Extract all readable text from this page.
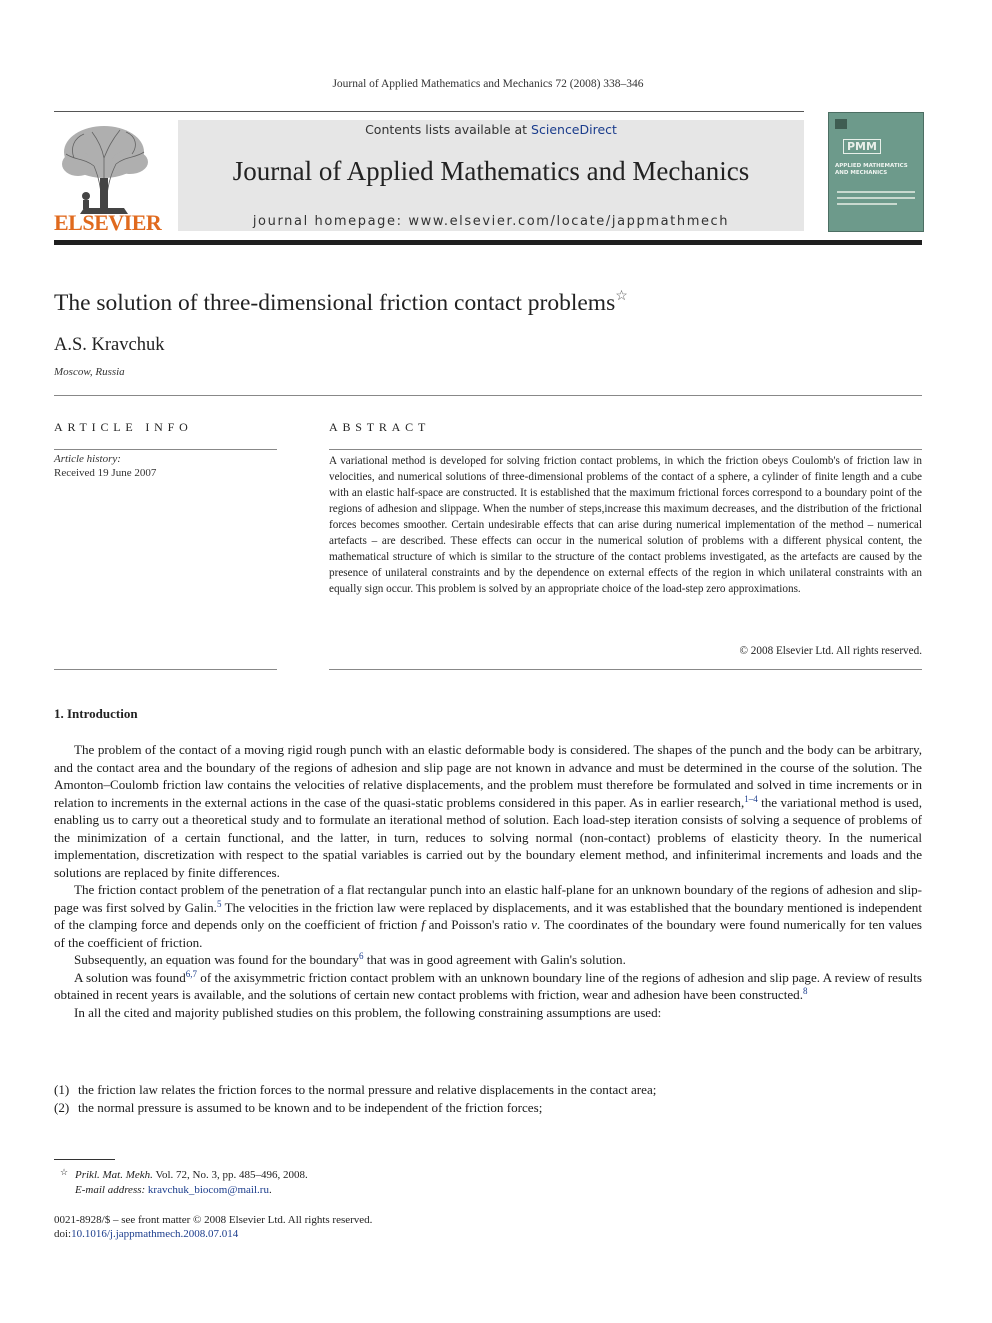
Journal of Applied Mathematics and Mechanics 72 (2008) 338–346
ELSEVIER
Contents lists available at ScienceDirect
Journal of Applied Mathematics and Mechanics
journal homepage: www.elsevier.com/locate/jappmathmech
PMM
APPLIED MATHEMATICS
AND MECHANICS
The solution of three-dimensional friction contact problems☆
A.S. Kravchuk
Moscow, Russia
ARTICLE INFO
Article history:
Received 19 June 2007
ABSTRACT
A variational method is developed for solving friction contact problems, in which the friction obeys Coulomb's of friction law in velocities, and numerical solutions of three-dimensional problems of the contact of a sphere, a cylinder of finite length and a cube with an elastic half-space are constructed. It is established that the maximum frictional forces correspond to a boundary point of the regions of adhesion and slippage. When the number of steps,increase this maximum decreases, and the distribution of the frictional forces becomes smoother. Certain undesirable effects that can arise during numerical implementation of the method – numerical artefacts – are described. These effects can occur in the numerical solution of problems with a different physical content, the mathematical structure of which is similar to the structure of the contact problems investigated, as the artefacts are caused by the presence of unilateral constraints and by the dependence on external effects of the region in which unilateral constraints with an equally sign occur. This problem is solved by an appropriate choice of the load-step zero approximations.
© 2008 Elsevier Ltd. All rights reserved.
1. Introduction

The problem of the contact of a moving rigid rough punch with an elastic deformable body is considered. The shapes of the punch and the body can be arbitrary, and the contact area and the boundary of the regions of adhesion and slip page are not known in advance and must be determined in the course of the solution. The Amonton–Coulomb friction law contains the velocities of relative displacements, and the problem must therefore be formulated and solved in time increments or in relation to increments in the external actions in the case of the quasi-static problems considered in this paper. As in earlier research,$^{1-4}$ the variational method is used, enabling us to carry out a theoretical study and to formulate an iterational method of solution. Each load-step iteration consists of solving a sequence of problems of the minimization of a certain functional, and the latter, in turn, reduces to solving normal (non-contact) problems of elasticity theory. In the numerical implementation, discretization with respect to the spatial variables is carried out by the boundary element method, and infiniterimal increments and loads and the solutions are replaced by finite differences.

The friction contact problem of the penetration of a flat rectangular punch into an elastic half-plane for an unknown boundary of the regions of adhesion and slip-page was first solved by Galin.$^5$ The velocities in the friction law were replaced by displacements, and it was established that the boundary mentioned is independent of the clamping force and depends only on the coefficient of friction f and Poisson's ratio ν. The coordinates of the boundary were found numerically for ten values of the coefficient of friction.

Subsequently, an equation was found for the boundary$^6$ that was in good agreement with Galin's solution.

A solution was found$^{6,7}$ of the axisymmetric friction contact problem with an unknown boundary line of the regions of adhesion and slip page. A review of results obtained in recent years is available, and the solutions of certain new contact problems with friction, wear and adhesion have been constructed.$^8$

In all the cited and majority published studies on this problem, the following constraining assumptions are used:

(1) the friction law relates the friction forces to the normal pressure and relative displacements in the contact area;
(2) the normal pressure is assumed to be known and to be independent of the friction forces;
☆ Prikl. Mat. Mekh. Vol. 72, No. 3, pp. 485–496, 2008.
E-mail address: kravchuk_biocom@mail.ru.
0021-8928/$ – see front matter © 2008 Elsevier Ltd. All rights reserved.
doi:10.1016/j.jappmathmech.2008.07.014
